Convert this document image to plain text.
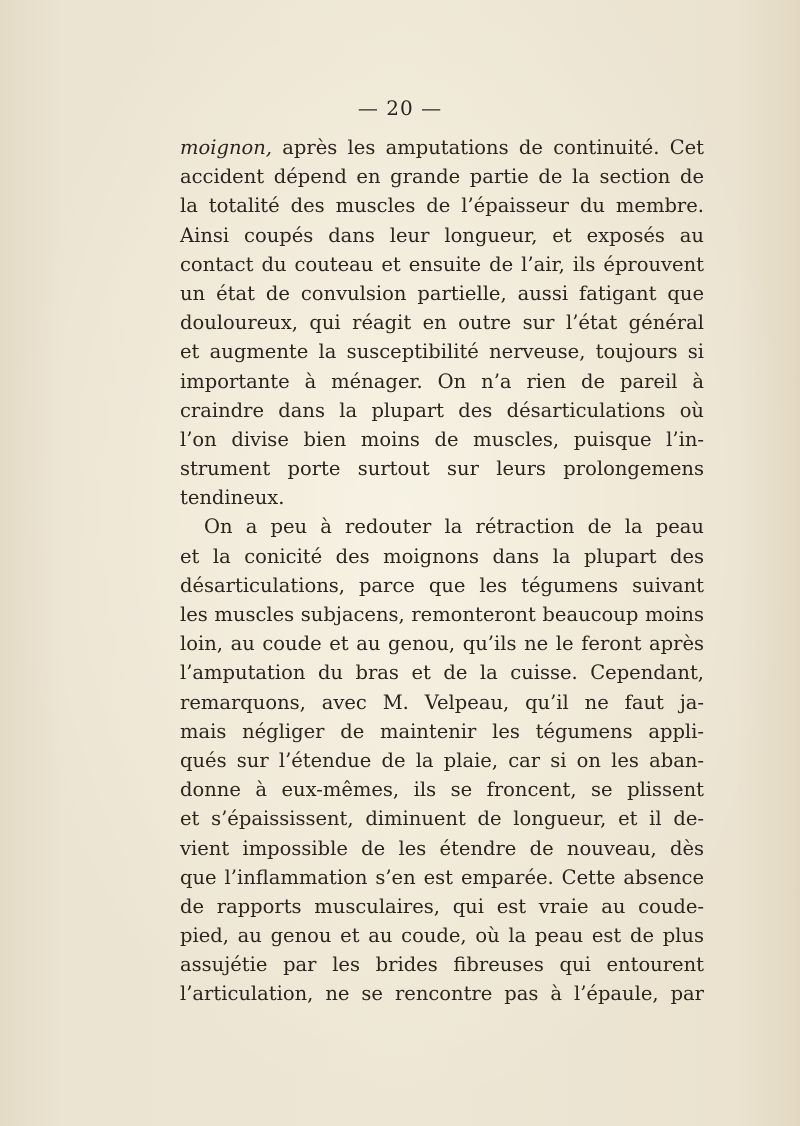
— 20 —
moignon, après les amputations de continuité. Cet
accident dépend en grande partie de la section de
la totalité des muscles de l’épaisseur du membre.
Ainsi coupés dans leur longueur, et exposés au
contact du couteau et ensuite de l’air, ils éprouvent
un état de convulsion partielle, aussi fatigant que
douloureux, qui réagit en outre sur l’état général
et augmente la susceptibilité nerveuse, toujours si
importante à ménager. On n’a rien de pareil à
craindre dans la plupart des désarticulations où
l’on divise bien moins de muscles, puisque l’in-
strument porte surtout sur leurs prolongemens
tendineux.
On a peu à redouter la rétraction de la peau
et la conicité des moignons dans la plupart des
désarticulations, parce que les tégumens suivant
les muscles subjacens, remonteront beaucoup moins
loin, au coude et au genou, qu’ils ne le feront après
l’amputation du bras et de la cuisse. Cependant,
remarquons, avec M. Velpeau, qu’il ne faut ja-
mais négliger de maintenir les tégumens appli-
qués sur l’étendue de la plaie, car si on les aban-
donne à eux-mêmes, ils se froncent, se plissent
et s’épaississent, diminuent de longueur, et il de-
vient impossible de les étendre de nouveau, dès
que l’inflammation s’en est emparée. Cette absence
de rapports musculaires, qui est vraie au coude-
pied, au genou et au coude, où la peau est de plus
assujétie par les brides fibreuses qui entourent
l’articulation, ne se rencontre pas à l’épaule, par
